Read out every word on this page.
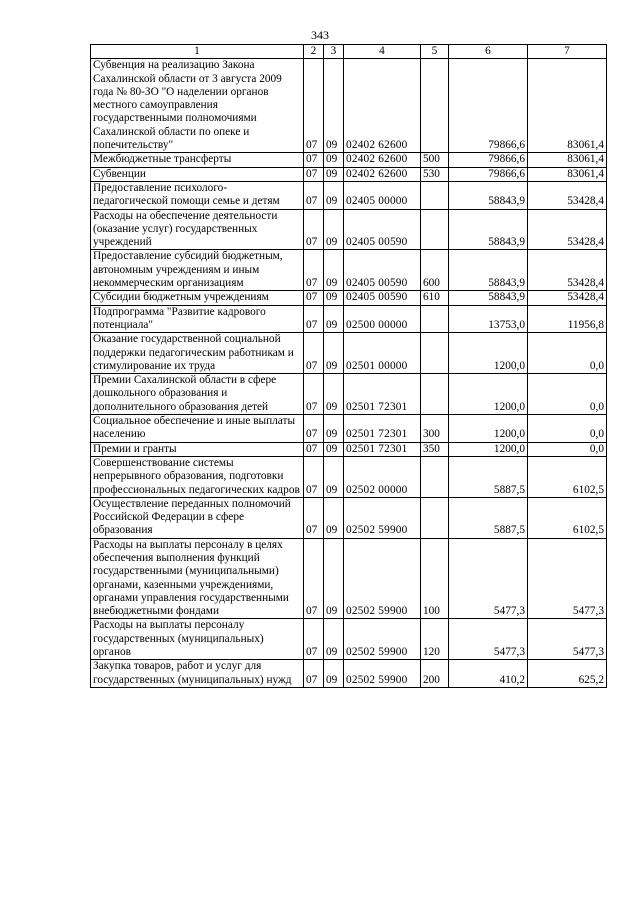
343
1	2	3	4	5	6	7
Субвенция на реализацию Закона Сахалинской области от 3 августа 2009 года № 80-ЗО "О наделении органов местного самоуправления государственными полномочиями Сахалинской области по опеке и попечительству"	07	09	02402 62600		79866,6	83061,4
Межбюджетные трансферты	07	09	02402 62600	500	79866,6	83061,4
Субвенции	07	09	02402 62600	530	79866,6	83061,4
Предоставление психолого-педагогической помощи семье и детям	07	09	02405 00000		58843,9	53428,4
Расходы на обеспечение деятельности (оказание услуг) государственных учреждений	07	09	02405 00590		58843,9	53428,4
Предоставление субсидий бюджетным, автономным учреждениям и иным некоммерческим организациям	07	09	02405 00590	600	58843,9	53428,4
Субсидии бюджетным учреждениям	07	09	02405 00590	610	58843,9	53428,4
Подпрограмма "Развитие кадрового потенциала"	07	09	02500 00000		13753,0	11956,8
Оказание государственной социальной поддержки педагогическим работникам и стимулирование их труда	07	09	02501 00000		1200,0	0,0
Премии Сахалинской области в сфере дошкольного образования и дополнительного образования детей	07	09	02501 72301		1200,0	0,0
Социальное обеспечение и иные выплаты населению	07	09	02501 72301	300	1200,0	0,0
Премии и гранты	07	09	02501 72301	350	1200,0	0,0
Совершенствование системы непрерывного образования, подготовки профессиональных педагогических кадров	07	09	02502 00000		5887,5	6102,5
Осуществление переданных полномочий Российской Федерации в сфере образования	07	09	02502 59900		5887,5	6102,5
Расходы на выплаты персоналу в целях обеспечения выполнения функций государственными (муниципальными) органами, казенными учреждениями, органами управления государственными внебюджетными фондами	07	09	02502 59900	100	5477,3	5477,3
Расходы на выплаты персоналу государственных (муниципальных) органов	07	09	02502 59900	120	5477,3	5477,3
Закупка товаров, работ и услуг для государственных (муниципальных) нужд	07	09	02502 59900	200	410,2	625,2
